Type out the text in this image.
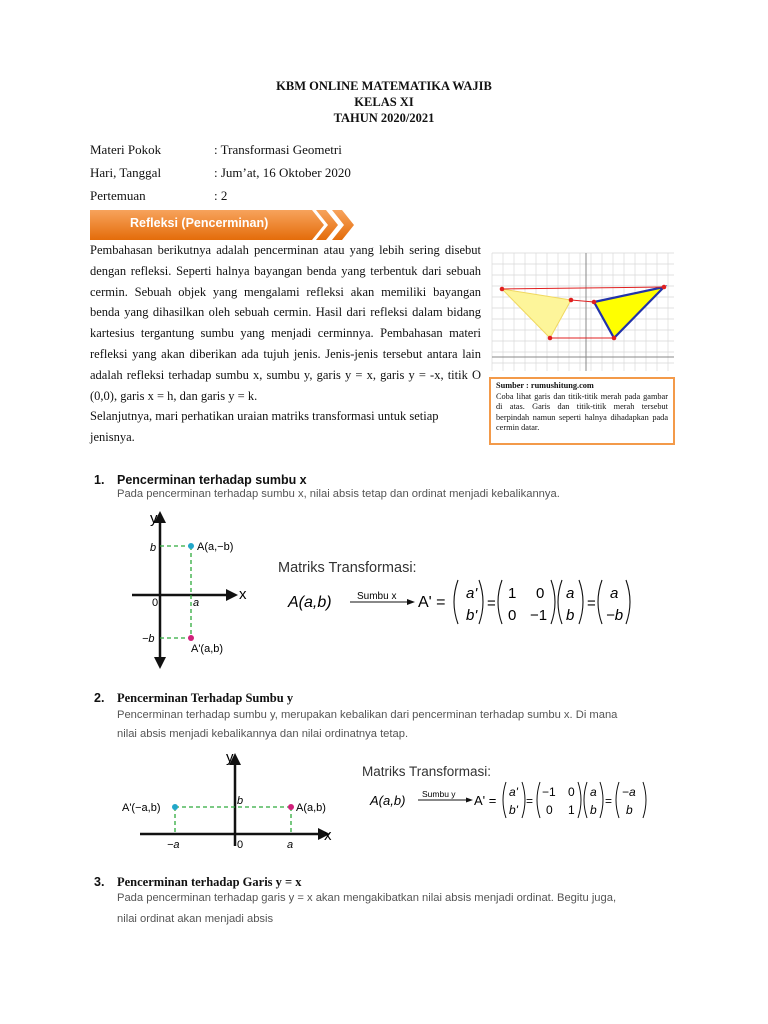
KBM ONLINE MATEMATIKA WAJIB
KELAS XI
TAHUN 2020/2021
Materi Pokok	: Transformasi Geometri
Hari, Tanggal	: Jum’at, 16 Oktober 2020
Pertemuan	: 2
Refleksi (Pencerminan)

Pembahasan berikutnya adalah pencerminan atau yang lebih sering disebut dengan refleksi. Seperti halnya bayangan benda yang terbentuk dari sebuah cermin. Sebuah objek yang mengalami refleksi akan memiliki bayangan benda yang dihasilkan oleh sebuah cermin. Hasil dari refleksi dalam bidang kartesius tergantung sumbu yang menjadi cerminnya. Pembahasan materi refleksi yang akan diberikan ada tujuh jenis. Jenis-jenis tersebut antara lain adalah refleksi terhadap sumbu x, sumbu y, garis y = x, garis y = -x, titik O (0,0), garis x = h, dan garis y = k.

Selanjutnya, mari perhatikan uraian matriks transformasi untuk setiap jenisnya.

Sumber : rumushitung.com
Coba lihat garis dan titik-titik merah pada gambar di atas. Garis dan titik-titik merah tersebut berpindah namun seperti halnya dihadapkan pada cermin datar.
1. Pencerminan terhadap sumbu x
Pada pencerminan terhadap sumbu x, nilai absis tetap dan ordinat menjadi kebalikannya.
y
x
0	a
b
−b
A(a,−b)
A'(a,b)
Matriks Transformasi:
A(a,b)	Sumbu x A' =
a'
b'
=
1 0
0 −1
a
b
=
a
−b
2. Pencerminan Terhadap Sumbu y
Pencerminan terhadap sumbu y, merupakan kebalikan dari pencerminan terhadap sumbu x. Di mana
nilai absis menjadi kebalikannya dan nilai ordinatnya tetap.
y
x
0
b
a
−a
A(a,b)
A'(−a,b)
Matriks Transformasi:
A(a,b) Sumbu y A' =
a'
b'
=
−1 0
0 1
a
b
=
−a
b
3. Pencerminan terhadap Garis y = x
Pada pencerminan terhadap garis y = x akan mengakibatkan nilai absis menjadi ordinat. Begitu juga,
nilai ordinat akan menjadi absis
